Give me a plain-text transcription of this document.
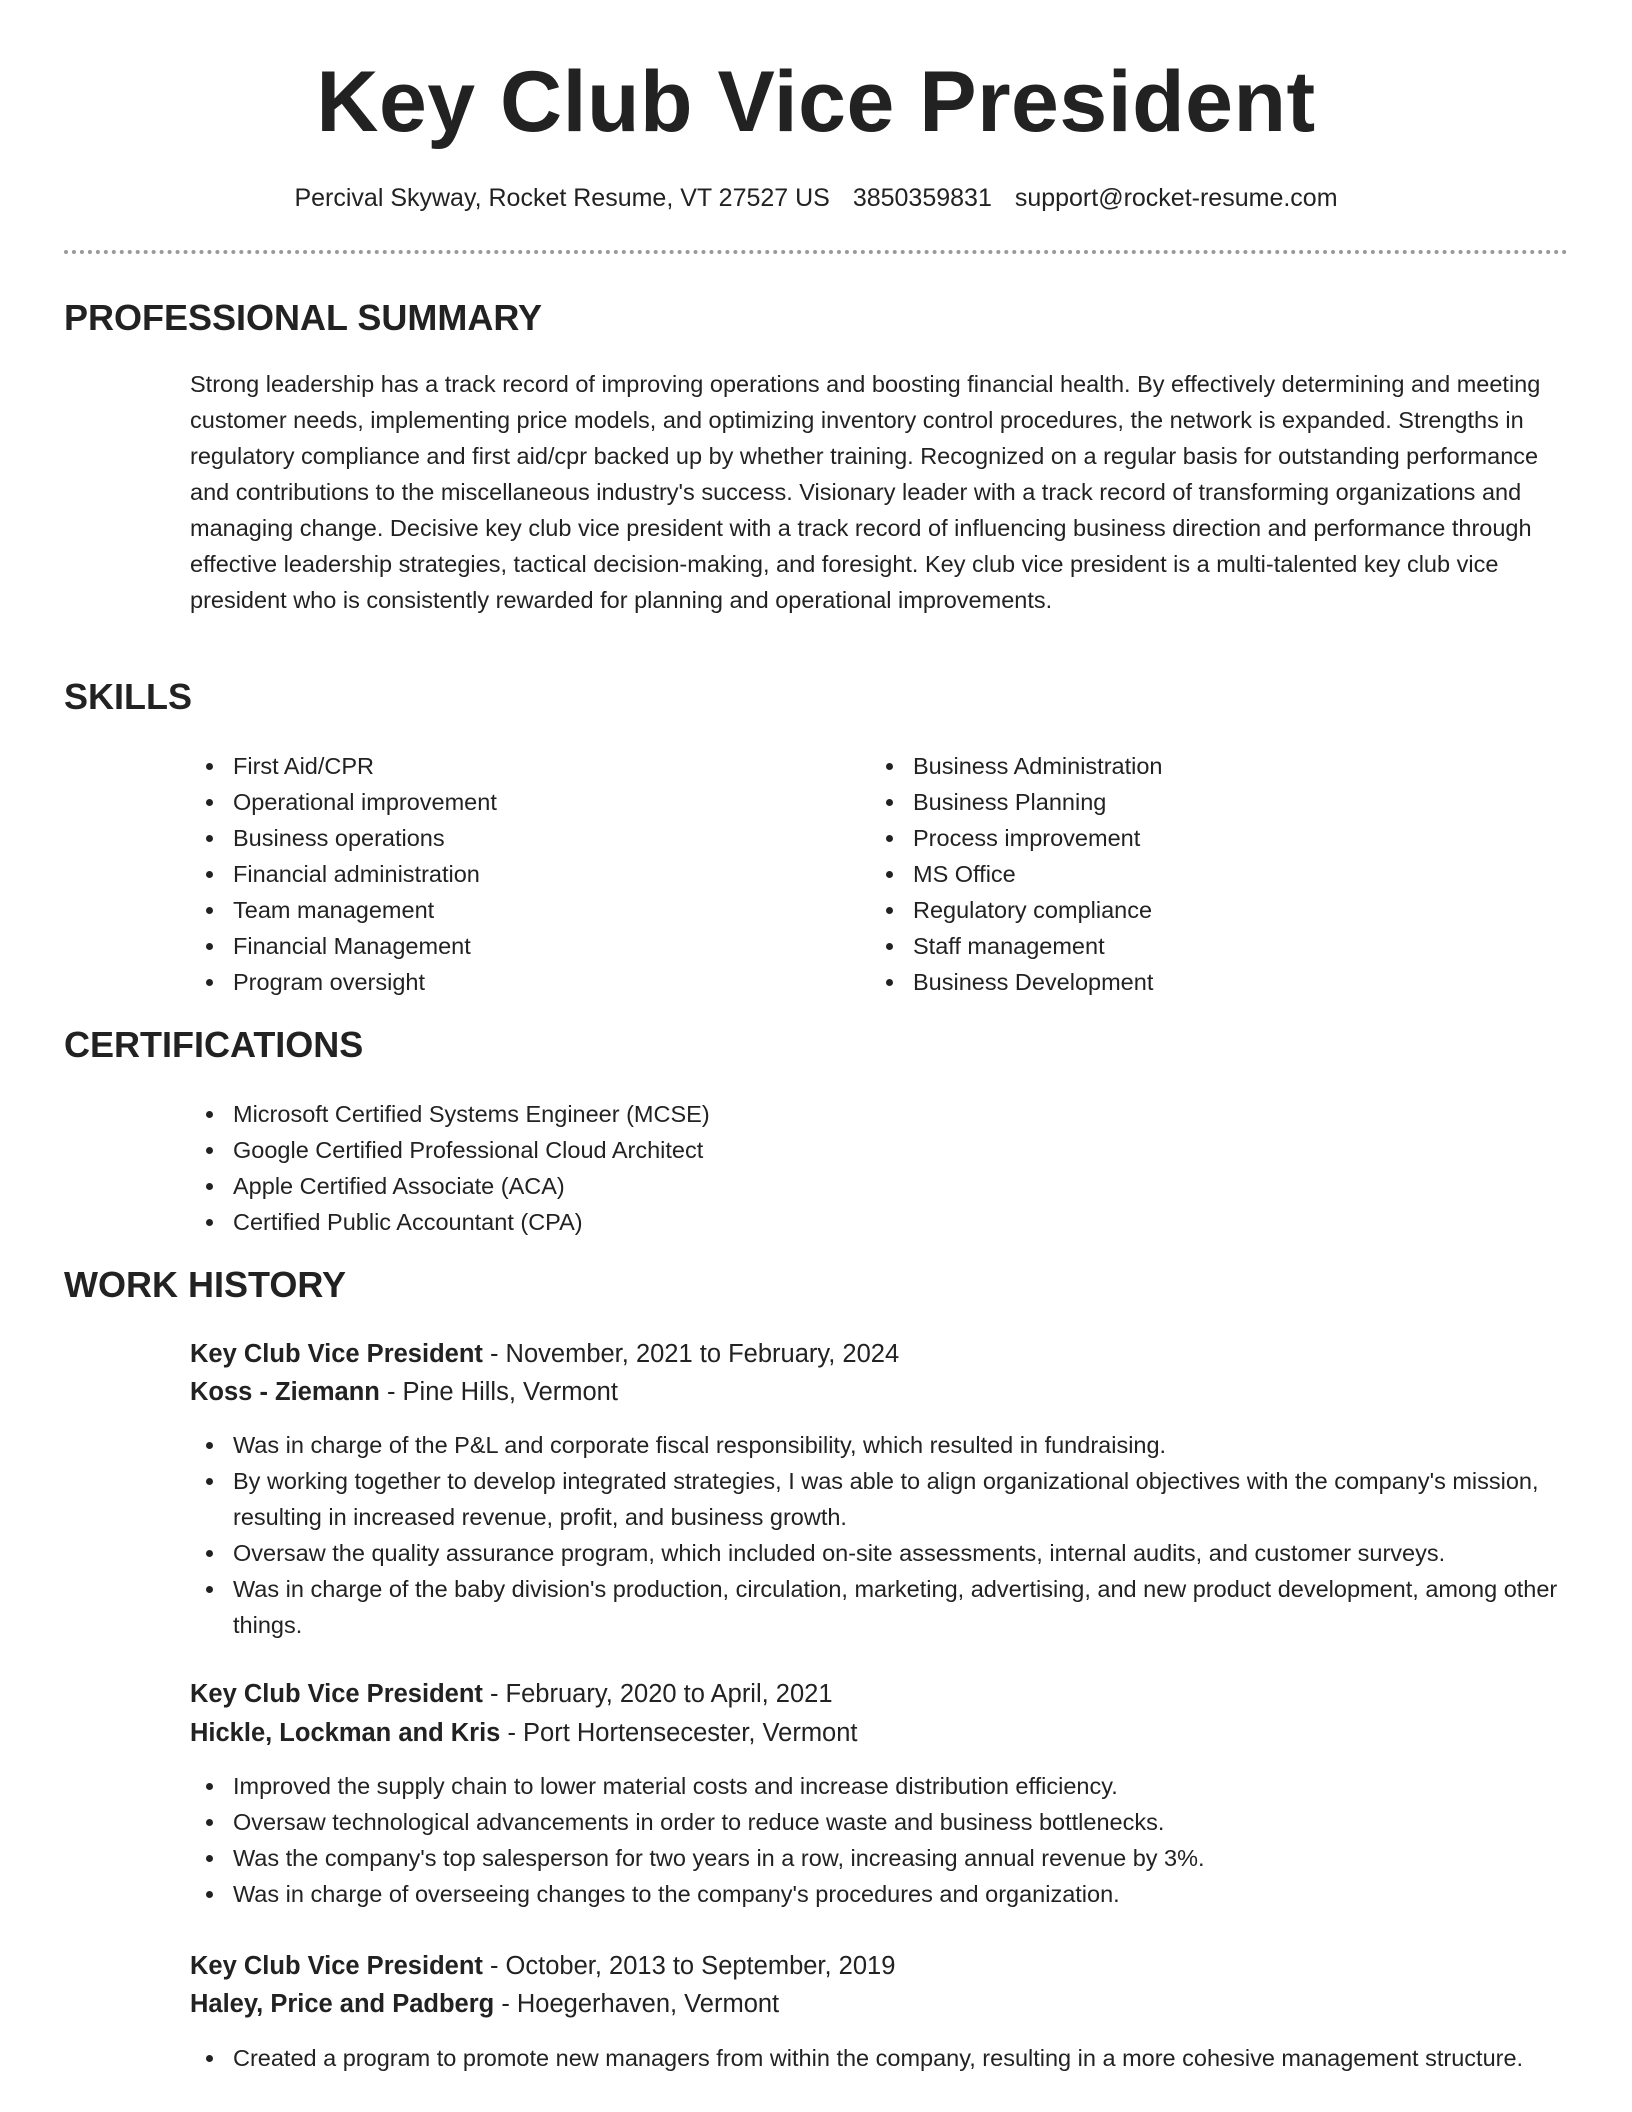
Key Club Vice President
Percival Skyway, Rocket Resume, VT 27527 US 3850359831 support@rocket-resume.com
PROFESSIONAL SUMMARY
Strong leadership has a track record of improving operations and boosting financial health. By effectively determining and meeting customer needs, implementing price models, and optimizing inventory control procedures, the network is expanded. Strengths in regulatory compliance and first aid/cpr backed up by whether training. Recognized on a regular basis for outstanding performance and contributions to the miscellaneous industry's success. Visionary leader with a track record of transforming organizations and managing change. Decisive key club vice president with a track record of influencing business direction and performance through effective leadership strategies, tactical decision-making, and foresight. Key club vice president is a multi-talented key club vice president who is consistently rewarded for planning and operational improvements.
SKILLS
First Aid/CPR
Operational improvement
Business operations
Financial administration
Team management
Financial Management
Program oversight
Business Administration
Business Planning
Process improvement
MS Office
Regulatory compliance
Staff management
Business Development
CERTIFICATIONS
Microsoft Certified Systems Engineer (MCSE)
Google Certified Professional Cloud Architect
Apple Certified Associate (ACA)
Certified Public Accountant (CPA)
WORK HISTORY
Key Club Vice President - November, 2021 to February, 2024
Koss - Ziemann - Pine Hills, Vermont
Was in charge of the P&L and corporate fiscal responsibility, which resulted in fundraising.
By working together to develop integrated strategies, I was able to align organizational objectives with the company's mission, resulting in increased revenue, profit, and business growth.
Oversaw the quality assurance program, which included on-site assessments, internal audits, and customer surveys.
Was in charge of the baby division's production, circulation, marketing, advertising, and new product development, among other things.
Key Club Vice President - February, 2020 to April, 2021
Hickle, Lockman and Kris - Port Hortensecester, Vermont
Improved the supply chain to lower material costs and increase distribution efficiency.
Oversaw technological advancements in order to reduce waste and business bottlenecks.
Was the company's top salesperson for two years in a row, increasing annual revenue by 3%.
Was in charge of overseeing changes to the company's procedures and organization.
Key Club Vice President - October, 2013 to September, 2019
Haley, Price and Padberg - Hoegerhaven, Vermont
Created a program to promote new managers from within the company, resulting in a more cohesive management structure.
